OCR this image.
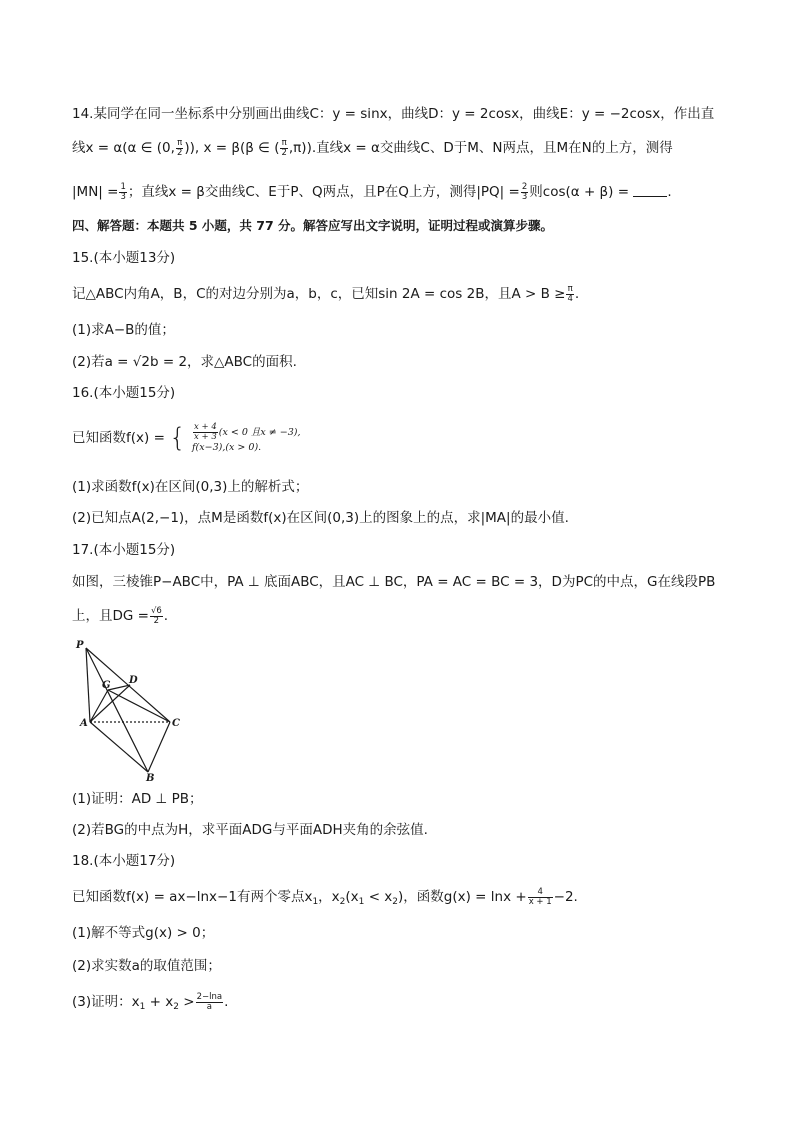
14.某同学在同一坐标系中分别画出曲线C：y = sinx，曲线D：y = 2cosx，曲线E：y = −2cosx，作出直
线x = α(α ∈ (0, $\frac{\pi}{2}$ )), x = β(β ∈ ( $\frac{\pi}{2} ,\pi$)).直线x = α交曲线C、D于M、N两点，且M在N的上方，测得
$|MN| = \frac{1}{3}$ ；直线x = β交曲线C、E于P、Q两点，且P在Q上方，测得$|PQ| = \frac{2}{3}$ 则cos(α + β) =	.
四、解答题：本题共 5 小题，共 77 分。解答应写出文字说明，证明过程或演算步骤。
15.(本小题13分)
记△ABC内角A，B，C的对边分别为a，b，c，已知sin 2A = cos 2B，且$A > B \ge \frac{\pi}{4}$ .
(1)求A−B的值；
(2)若a = √2b = 2，求△ABC的面积.
16.(本小题15分)
已知函数f(x) = { $\frac{x + 4}{x + 3} (x < 0$ 且x ≠ −3),
f(x−3),(x > 0).
(1)求函数f(x)在区间(0,3)上的解析式；
(2)已知点A(2,−1)，点M是函数f(x)在区间(0,3)上的图象上的点，求|MA|的最小值.
17.(本小题15分)
如图，三棱锥P−ABC中，PA ⊥ 底面ABC，且AC ⊥ BC，PA = AC = BC = 3，D为PC的中点，G在线段PB
上，且DG = $\frac{√6}{2}$ .
P
G D
A	C
B
(1)证明：AD ⊥ PB；
(2)若BG的中点为H，求平面ADG与平面ADH夹角的余弦值.
18.(本小题17分)
已知函数f(x) = ax−lnx−1有两个零点$x_1$，$x_2(x_1 < x_2)$，函数$g(x) = \ln x + \frac{4}{x + 1} -2$.
(1)解不等式g(x) > 0；
(2)求实数a的取值范围；
(3)证明：$x_1 + x_2 > \frac{2-\ln a}{a}$ .
